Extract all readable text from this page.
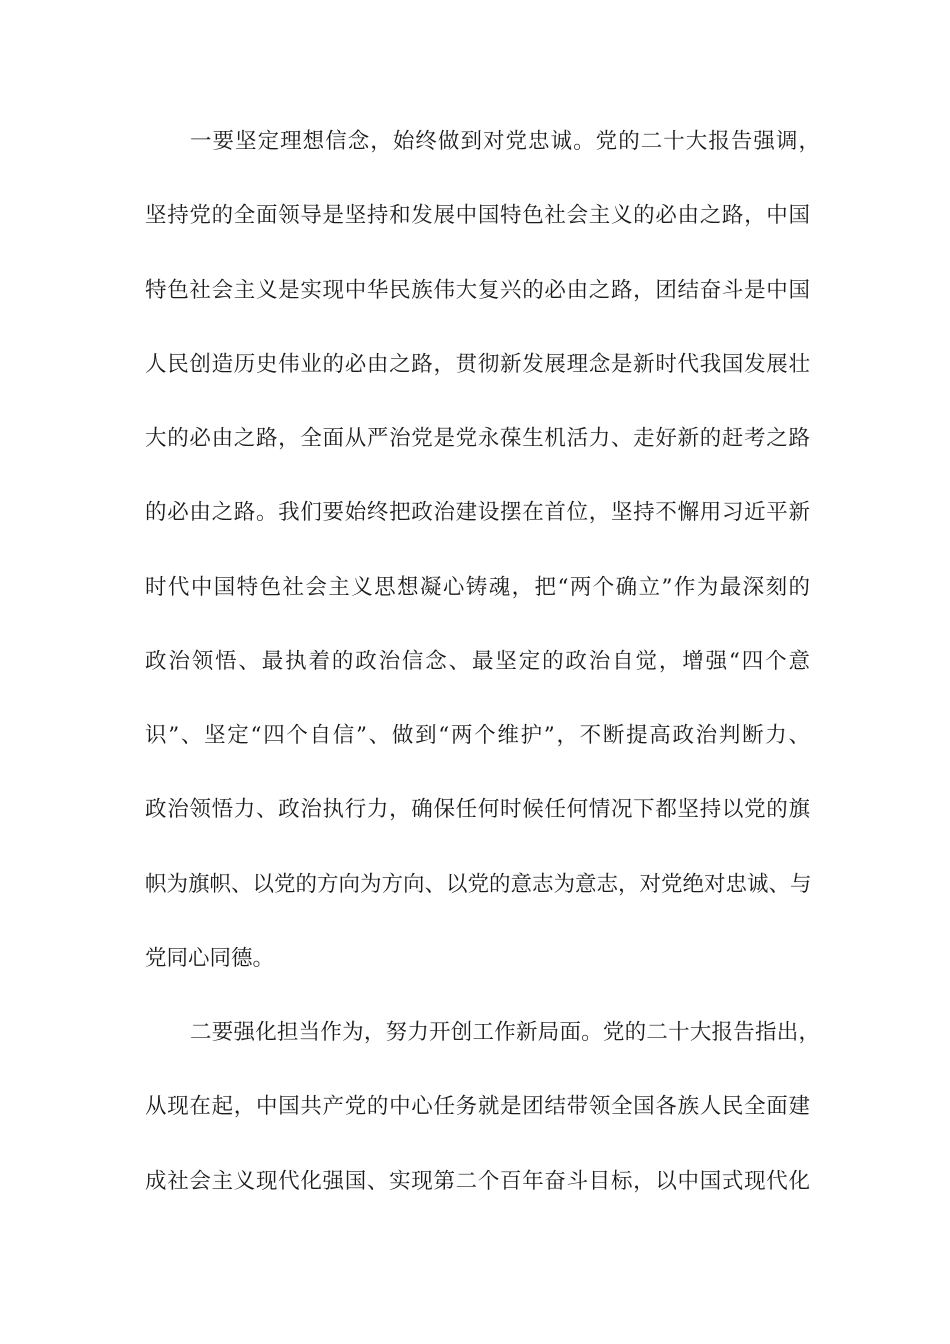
一要坚定理想信念，始终做到对党忠诚。党的二十大报告强调，
坚持党的全面领导是坚持和发展中国特色社会主义的必由之路，中国
特色社会主义是实现中华民族伟大复兴的必由之路，团结奋斗是中国
人民创造历史伟业的必由之路，贯彻新发展理念是新时代我国发展壮
大的必由之路，全面从严治党是党永葆生机活力、走好新的赶考之路
的必由之路。我们要始终把政治建设摆在首位，坚持不懈用习近平新
时代中国特色社会主义思想凝心铸魂，把“两个确立”作为最深刻的
政治领悟、最执着的政治信念、最坚定的政治自觉，增强“四个意
识”、坚定“四个自信”、做到“两个维护”，不断提高政治判断力、
政治领悟力、政治执行力，确保任何时候任何情况下都坚持以党的旗
帜为旗帜、以党的方向为方向、以党的意志为意志，对党绝对忠诚、与
党同心同德。
二要强化担当作为，努力开创工作新局面。党的二十大报告指出，
从现在起，中国共产党的中心任务就是团结带领全国各族人民全面建
成社会主义现代化强国、实现第二个百年奋斗目标，以中国式现代化
